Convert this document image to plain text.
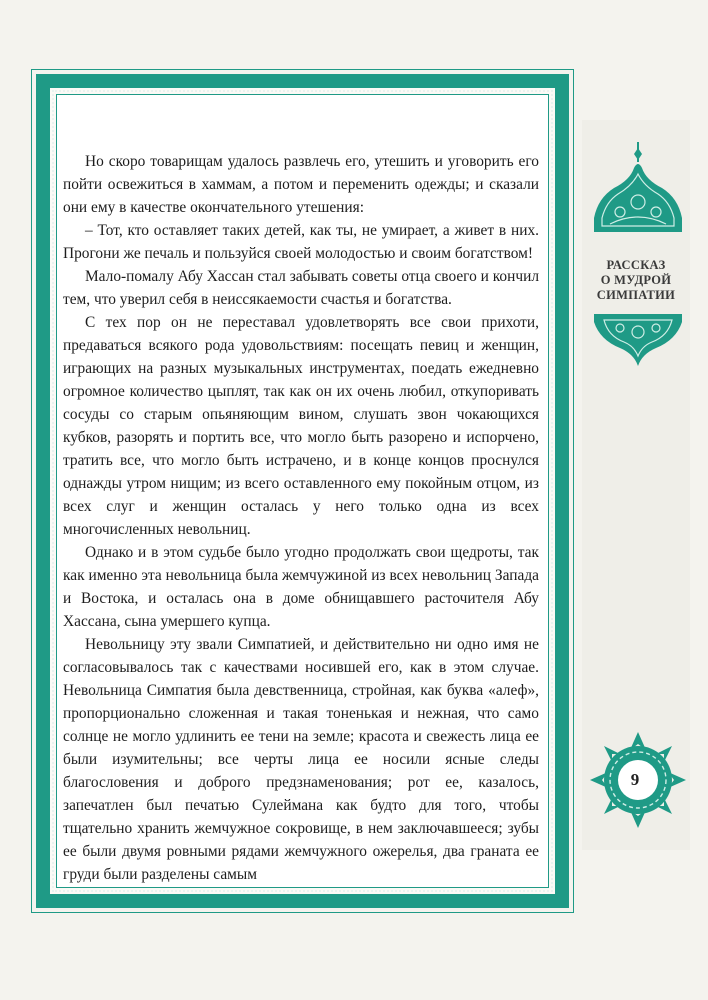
РАССКАЗ
О МУДРОЙ
СИМПАТИИ
9

Но скоро товарищам удалось развлечь его, утешить и уговорить его пойти освежиться в хаммам, а потом и переменить одежды; и сказали они ему в качестве окончательного утешения:

– Тот, кто оставляет таких детей, как ты, не умирает, а живет в них. Прогони же печаль и пользуйся своей молодостью и своим богатством!

Мало-помалу Абу Хассан стал забывать советы отца своего и кончил тем, что уверил себя в неиссякаемости счастья и богатства.

С тех пор он не переставал удовлетворять все свои прихоти, предаваться всякого рода удовольствиям: посещать певиц и женщин, играющих на разных музыкальных инструментах, поедать ежедневно огромное количество цыплят, так как он их очень любил, откупоривать сосуды со старым опьяняющим вином, слушать звон чокающихся кубков, разорять и портить все, что могло быть разорено и испорчено, тратить все, что могло быть истрачено, и в конце концов проснулся однажды утром нищим; из всего оставленного ему покойным отцом, из всех слуг и женщин осталась у него только одна из всех многочисленных невольниц.

Однако и в этом судьбе было угодно продолжать свои щедроты, так как именно эта невольница была жемчужиной из всех невольниц Запада и Востока, и осталась она в доме обнищавшего расточителя Абу Хассана, сына умершего купца.

Невольницу эту звали Симпатией, и действительно ни одно имя не согласовывалось так с качествами носившей его, как в этом случае. Невольница Симпатия была девственница, стройная, как буква «алеф», пропорционально сложенная и такая тоненькая и нежная, что само солнце не могло удлинить ее тени на земле; красота и свежесть лица ее были изумительны; все черты лица ее носили ясные следы благословения и доброго предзнаменования; рот ее, казалось, запечатлен был печатью Сулеймана как будто для того, чтобы тщательно хранить жемчужное сокровище, в нем заключавшееся; зубы ее были двумя ровными рядами жемчужного ожерелья, два граната ее груди были разделены самым
